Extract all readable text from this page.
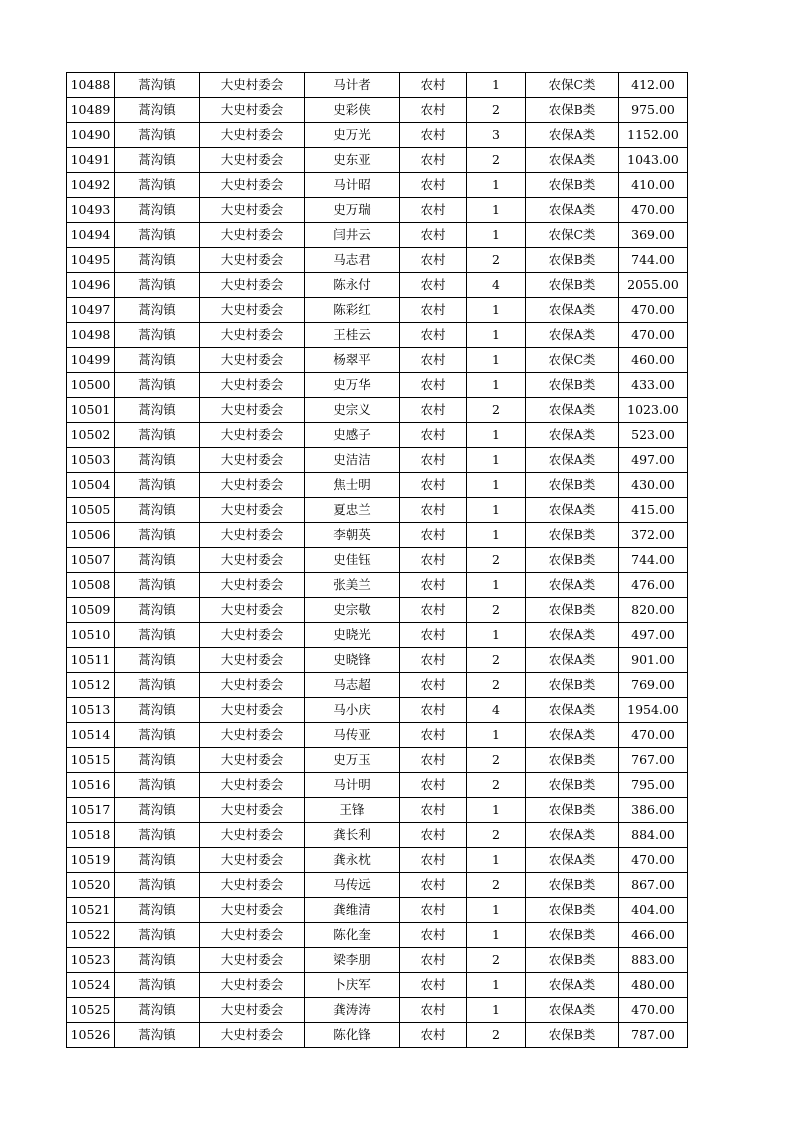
10488	蒿沟镇	大史村委会	马计者	农村	1	农保C类	412.00
10489	蒿沟镇	大史村委会	史彩侠	农村	2	农保B类	975.00
10490	蒿沟镇	大史村委会	史万光	农村	3	农保A类	1152.00
10491	蒿沟镇	大史村委会	史东亚	农村	2	农保A类	1043.00
10492	蒿沟镇	大史村委会	马计昭	农村	1	农保B类	410.00
10493	蒿沟镇	大史村委会	史万瑞	农村	1	农保A类	470.00
10494	蒿沟镇	大史村委会	闫井云	农村	1	农保C类	369.00
10495	蒿沟镇	大史村委会	马志君	农村	2	农保B类	744.00
10496	蒿沟镇	大史村委会	陈永付	农村	4	农保B类	2055.00
10497	蒿沟镇	大史村委会	陈彩红	农村	1	农保A类	470.00
10498	蒿沟镇	大史村委会	王桂云	农村	1	农保A类	470.00
10499	蒿沟镇	大史村委会	杨翠平	农村	1	农保C类	460.00
10500	蒿沟镇	大史村委会	史万华	农村	1	农保B类	433.00
10501	蒿沟镇	大史村委会	史宗义	农村	2	农保A类	1023.00
10502	蒿沟镇	大史村委会	史感子	农村	1	农保A类	523.00
10503	蒿沟镇	大史村委会	史洁洁	农村	1	农保A类	497.00
10504	蒿沟镇	大史村委会	焦士明	农村	1	农保B类	430.00
10505	蒿沟镇	大史村委会	夏忠兰	农村	1	农保A类	415.00
10506	蒿沟镇	大史村委会	李朝英	农村	1	农保B类	372.00
10507	蒿沟镇	大史村委会	史佳钰	农村	2	农保B类	744.00
10508	蒿沟镇	大史村委会	张美兰	农村	1	农保A类	476.00
10509	蒿沟镇	大史村委会	史宗敬	农村	2	农保B类	820.00
10510	蒿沟镇	大史村委会	史晓光	农村	1	农保A类	497.00
10511	蒿沟镇	大史村委会	史晓锋	农村	2	农保A类	901.00
10512	蒿沟镇	大史村委会	马志超	农村	2	农保B类	769.00
10513	蒿沟镇	大史村委会	马小庆	农村	4	农保A类	1954.00
10514	蒿沟镇	大史村委会	马传亚	农村	1	农保A类	470.00
10515	蒿沟镇	大史村委会	史万玉	农村	2	农保B类	767.00
10516	蒿沟镇	大史村委会	马计明	农村	2	农保B类	795.00
10517	蒿沟镇	大史村委会	王锋	农村	1	农保B类	386.00
10518	蒿沟镇	大史村委会	龚长利	农村	2	农保A类	884.00
10519	蒿沟镇	大史村委会	龚永枕	农村	1	农保A类	470.00
10520	蒿沟镇	大史村委会	马传远	农村	2	农保B类	867.00
10521	蒿沟镇	大史村委会	龚维清	农村	1	农保B类	404.00
10522	蒿沟镇	大史村委会	陈化奎	农村	1	农保B类	466.00
10523	蒿沟镇	大史村委会	梁李朋	农村	2	农保B类	883.00
10524	蒿沟镇	大史村委会	卜庆军	农村	1	农保A类	480.00
10525	蒿沟镇	大史村委会	龚涛涛	农村	1	农保A类	470.00
10526	蒿沟镇	大史村委会	陈化锋	农村	2	农保B类	787.00
